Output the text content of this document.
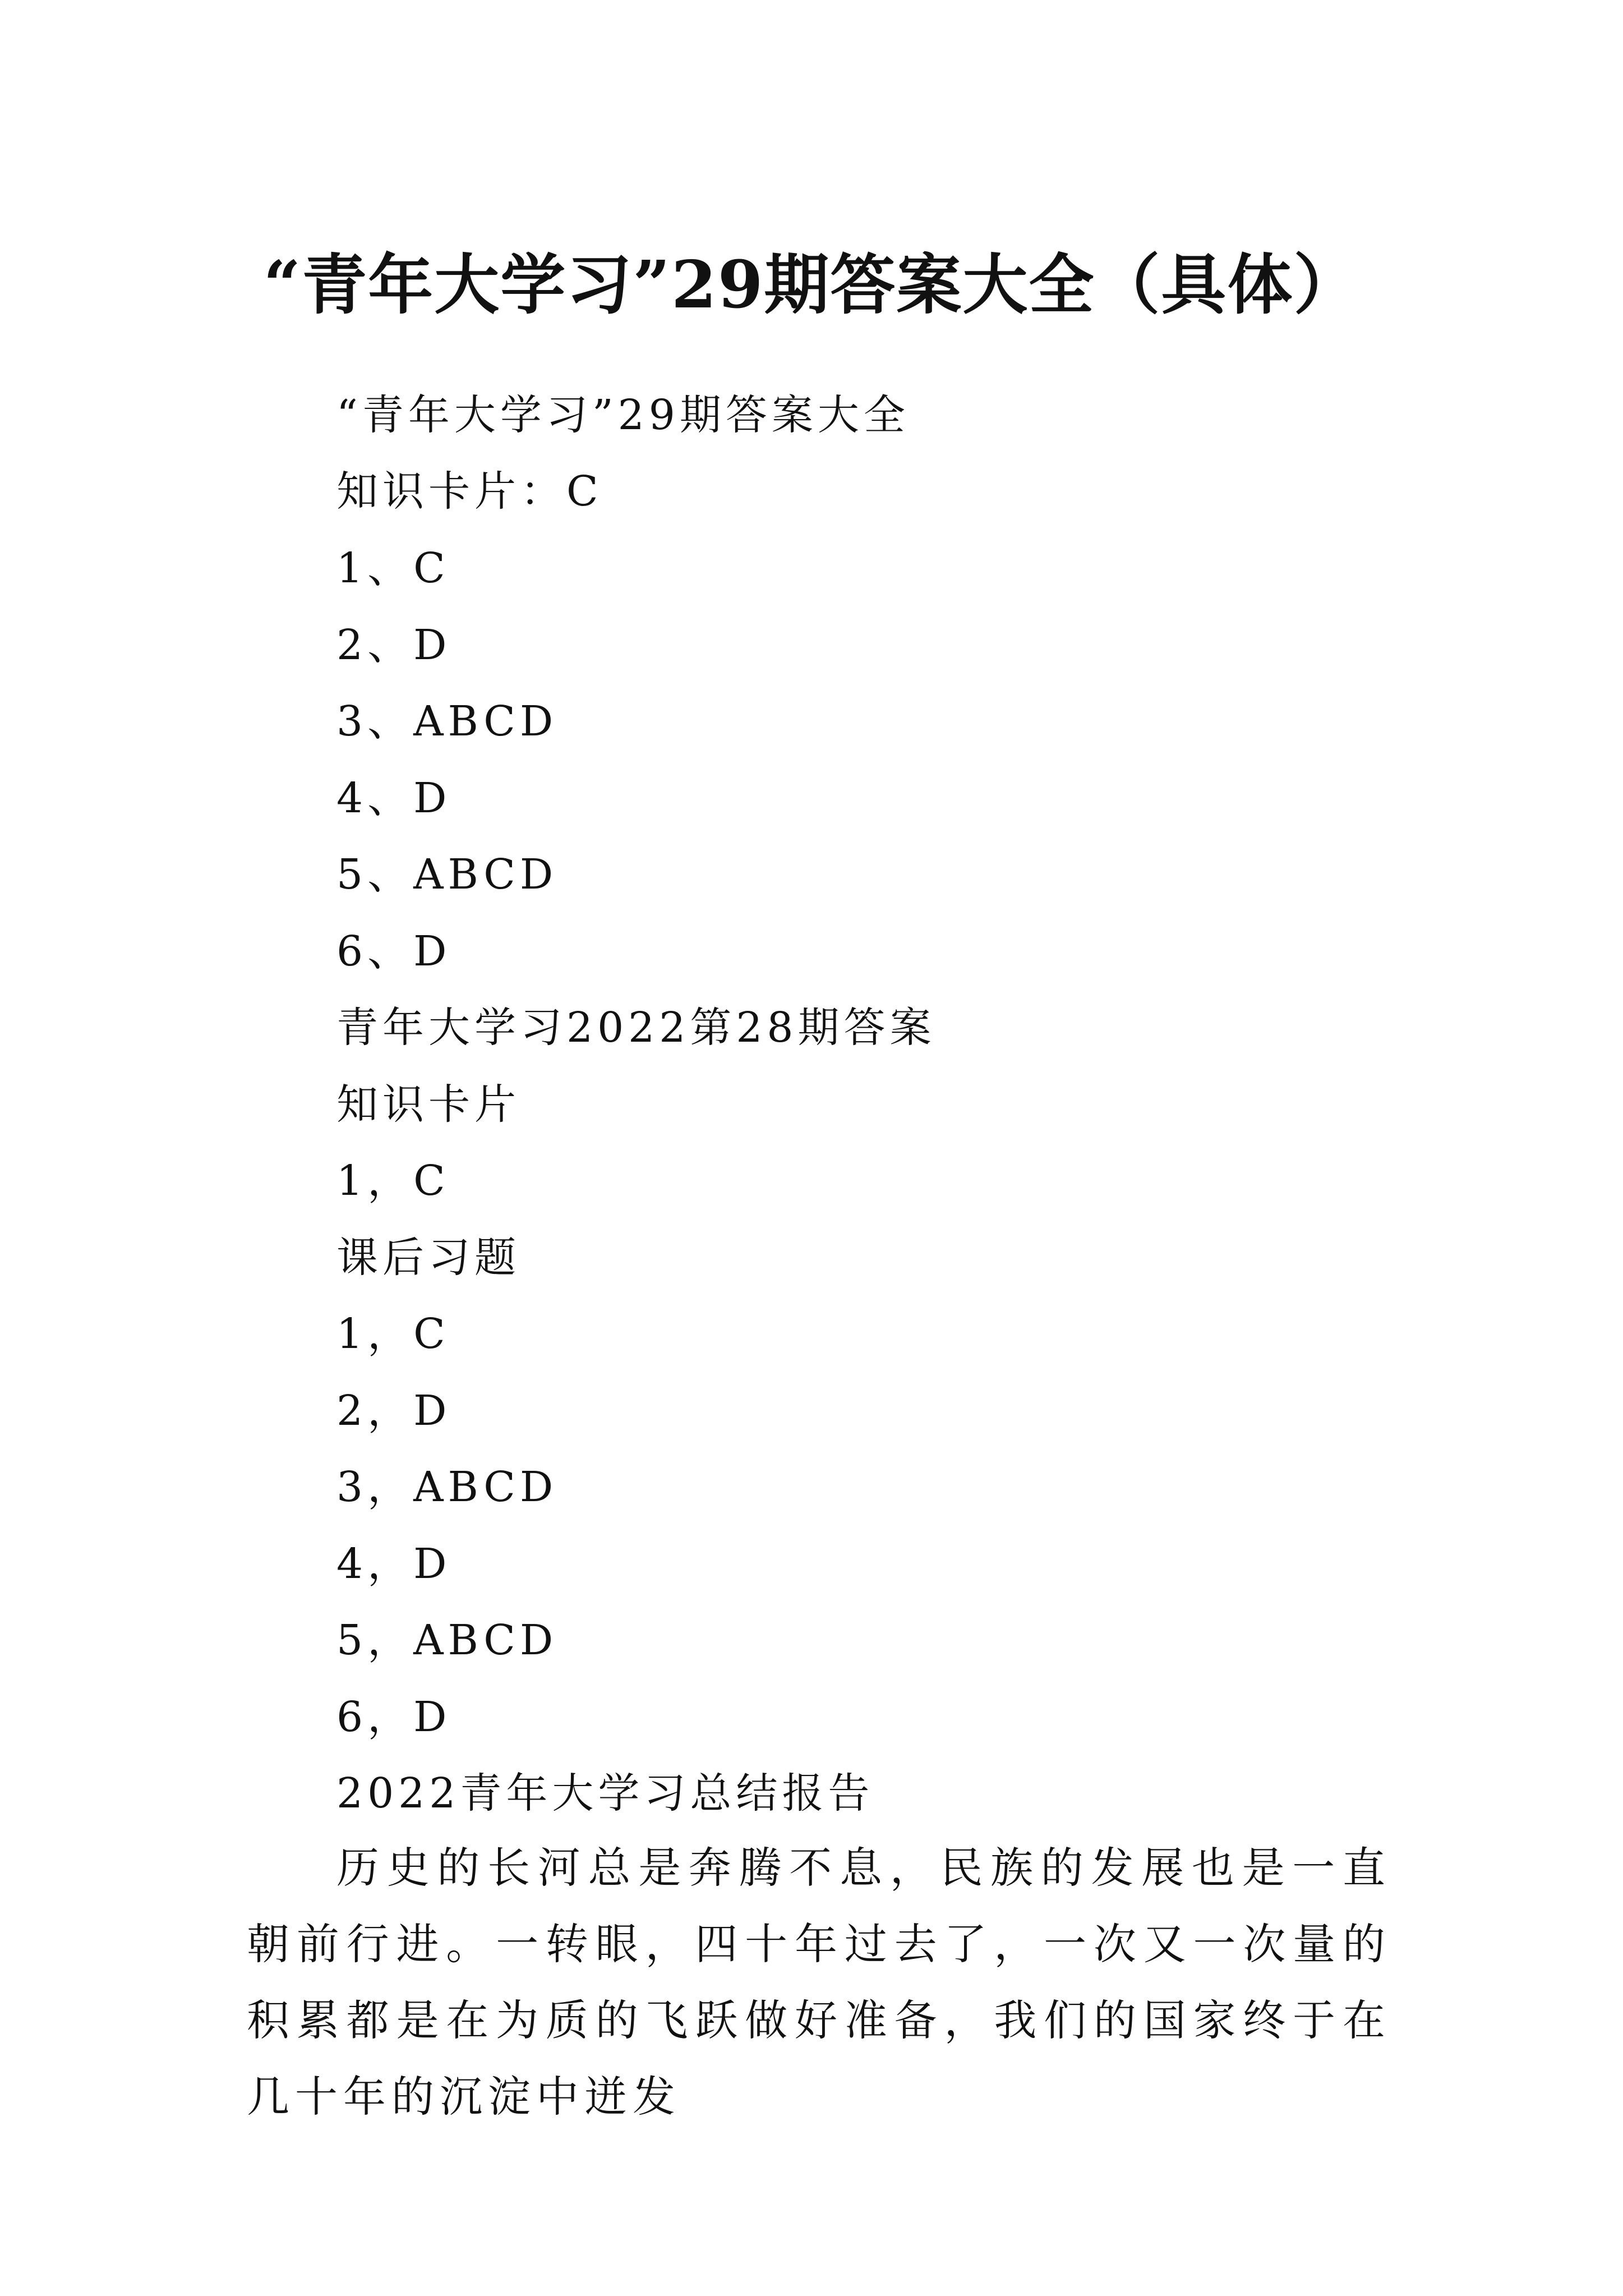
“青年大学习”29期答案大全（具体）
“青年大学习”29期答案大全
知识卡片：C
1、C
2、D
3、ABCD
4、D
5、ABCD
6、D
青年大学习2022第28期答案
知识卡片
1，C
课后习题
1，C
2，D
3，ABCD
4，D
5，ABCD
6，D
2022青年大学习总结报告

历史的长河总是奔腾不息，民族的发展也是一直朝前行进。一转眼，四十年过去了，一次又一次量的积累都是在为质的飞跃做好准备，我们的国家终于在几十年的沉淀中迸发
